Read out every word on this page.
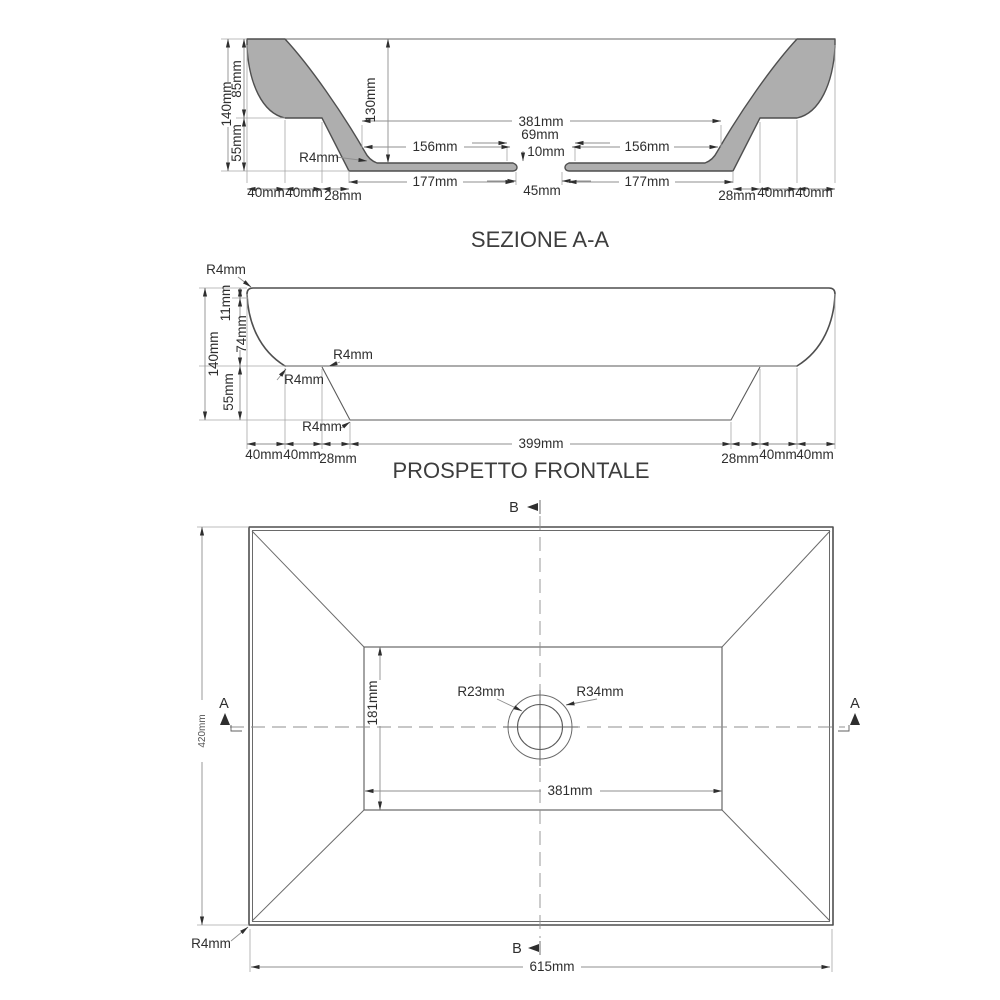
140mm
85mm
55mm
130mm	381mm
69mm
10mm
45mm
156mm	156mm
177mm	177mm
R4mm
40mm 40mm 28mm	28mm 40mm 40mm
SEZIONE A-A
140mm
11mm
74mm
55mm
R4mm
R4mm
R4mm
R4mm
399mm
40mm 40mm
28mm	28mm 40mm 40mm
PROSPETTO FRONTALE
B
B
A	A
420mm
181mm
381mm
615mm
R23mm	R34mm
R4mm
